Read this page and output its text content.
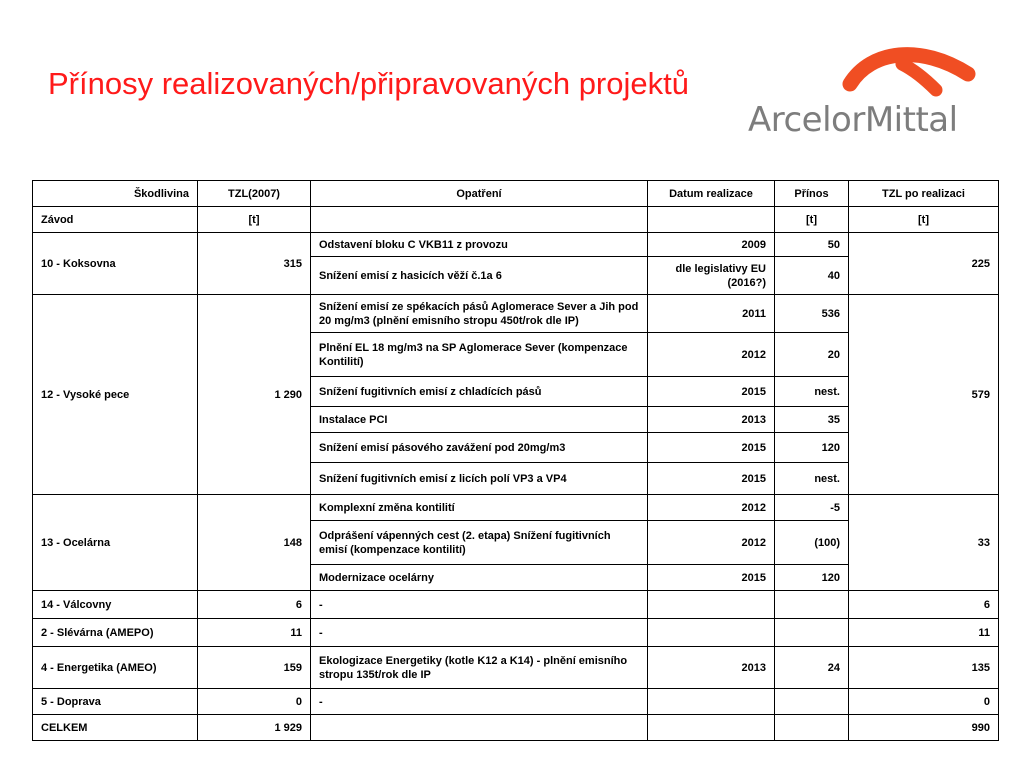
Přínosy realizovaných/připravovaných projektů
ArcelorMittal
Škodlivina	TZL(2007)	Opatření	Datum realizace	Přínos	TZL po realizaci
Závod	[t]			[t]	[t]
10 - Koksovna	315	Odstavení bloku C VKB11 z provozu	2009	50	225
		Snížení emisí z hasicích věží č.1a 6	dle legislativy EU (2016?)	40	
12 - Vysoké pece	1 290	Snížení emisí ze spékacích pásů Aglomerace Sever a Jih pod 20 mg/m3 (plnění emisního stropu 450t/rok dle IP)	2011	536	579
		Plnění EL 18 mg/m3 na SP Aglomerace Sever (kompenzace Kontilití)	2012	20	
		Snížení fugitivních emisí z chladících pásů	2015	nest.	
		Instalace PCI	2013	35	
		Snížení emisí pásového zavážení pod 20mg/m3	2015	120	
		Snížení fugitivních emisí z licích polí VP3 a VP4	2015	nest.	
13 - Ocelárna	148	Komplexní změna kontilití	2012	-5	33
		Odprášení vápenných cest (2. etapa) Snížení fugitivních emisí (kompenzace kontilití)	2012	(100)	
		Modernizace ocelárny	2015	120	
14 - Válcovny	6	-			6
2 - Slévárna (AMEPO)	11	-			11
4 - Energetika (AMEO)	159	Ekologizace Energetiky (kotle K12 a K14) - plnění emisního stropu 135t/rok dle IP	2013	24	135
5 - Doprava	0	-			0
CELKEM	1 929				990
